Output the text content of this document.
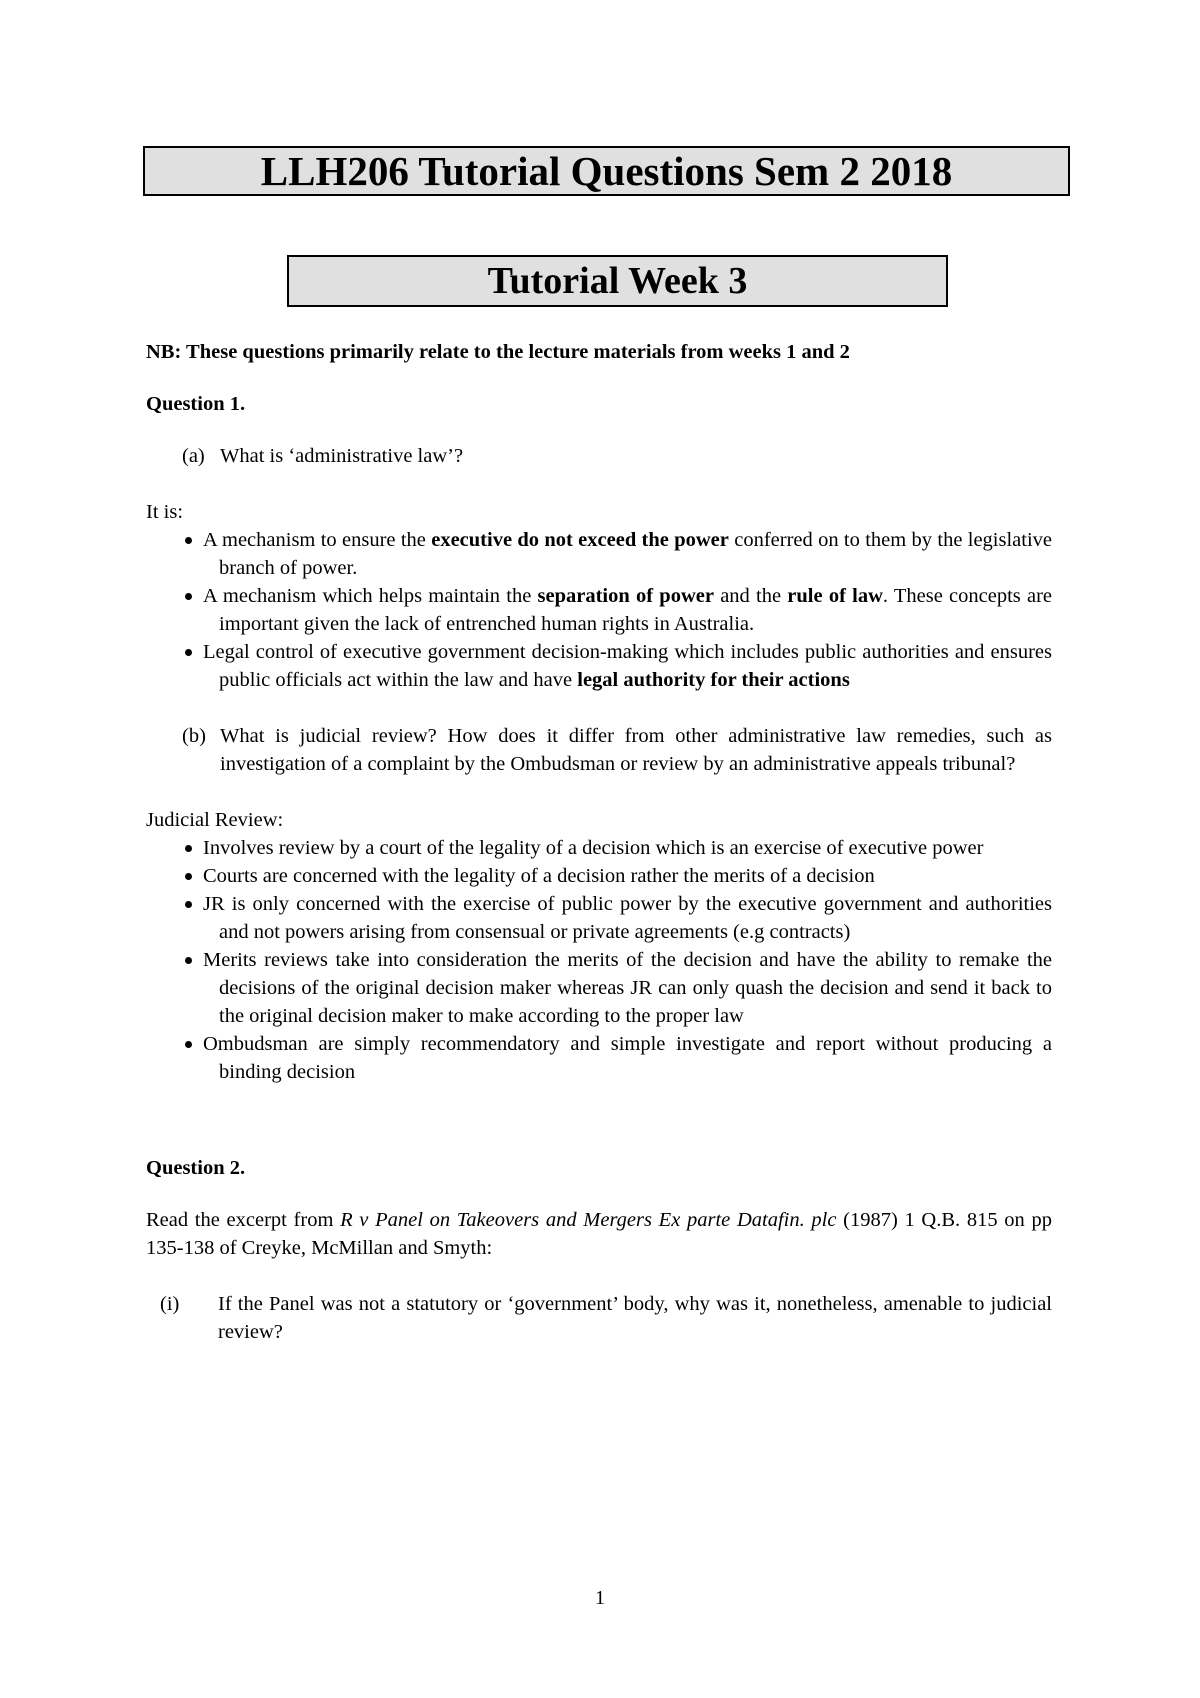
LLH206 Tutorial Questions Sem 2 2018
Tutorial Week 3

NB: These questions primarily relate to the lecture materials from weeks 1 and 2

Question 1.

(a) What is ‘administrative law’?

It is:

A mechanism to ensure the executive do not exceed the power conferred on to them by the legislative branch of power.
A mechanism which helps maintain the separation of power and the rule of law. These concepts are important given the lack of entrenched human rights in Australia.
Legal control of executive government decision-making which includes public authorities and ensures public officials act within the law and have legal authority for their actions
(b) What is judicial review? How does it differ from other administrative law remedies, such as investigation of a complaint by the Ombudsman or review by an administrative appeals tribunal?

Judicial Review:

Involves review by a court of the legality of a decision which is an exercise of executive power
Courts are concerned with the legality of a decision rather the merits of a decision
JR is only concerned with the exercise of public power by the executive government and authorities and not powers arising from consensual or private agreements (e.g contracts)
Merits reviews take into consideration the merits of the decision and have the ability to remake the decisions of the original decision maker whereas JR can only quash the decision and send it back to the original decision maker to make according to the proper law
Ombudsman are simply recommendatory and simple investigate and report without producing a binding decision

Question 2.

Read the excerpt from R v Panel on Takeovers and Mergers Ex parte Datafin. plc (1987) 1 Q.B. 815 on pp 135-138 of Creyke, McMillan and Smyth:

(i)	If the Panel was not a statutory or ‘government’ body, why was it, nonetheless, amenable to judicial review?
1
